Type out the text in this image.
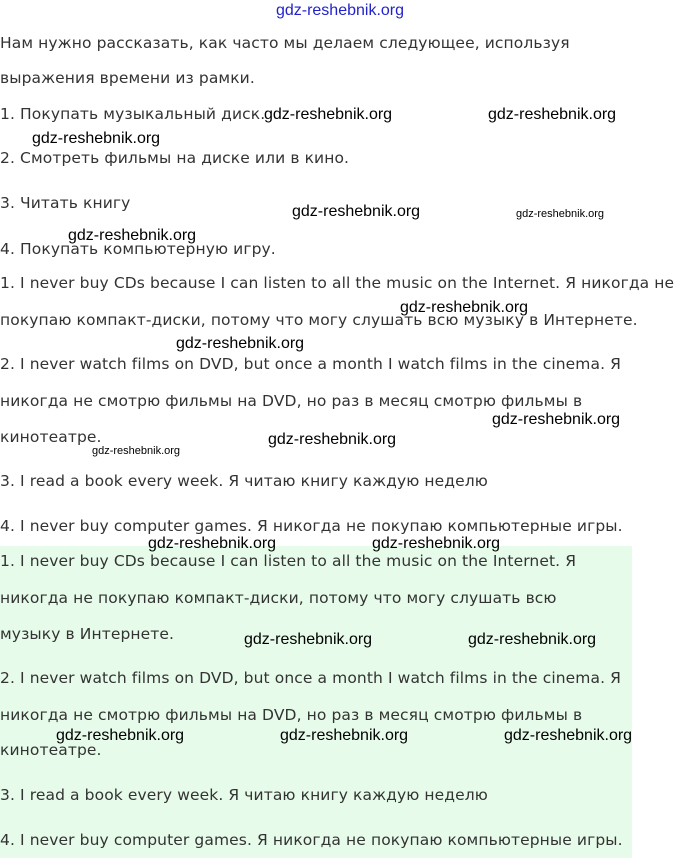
gdz-reshebnik.org
Нам нужно рассказать, как часто мы делаем следующее, используя
выражения времени из рамки.
1. Покупать музыкальный диск.
2. Смотреть фильмы на диске или в кино.
3. Читать книгу
4. Покупать компьютерную игру.
1. I never buy CDs because I can listen to all the music on the Internet. Я никогда не
покупаю компакт-диски, потому что могу слушать всю музыку в Интернете.
2. I never watch films on DVD, but once a month I watch films in the cinema. Я
никогда не смотрю фильмы на DVD, но раз в месяц смотрю фильмы в
кинотеатре.
3. I read a book every week. Я читаю книгу каждую неделю
4. I never buy computer games. Я никогда не покупаю компьютерные игры.
1. I never buy CDs because I can listen to all the music on the Internet. Я
никогда не покупаю компакт-диски, потому что могу слушать всю
музыку в Интернете.
2. I never watch films on DVD, but once a month I watch films in the cinema. Я
никогда не смотрю фильмы на DVD, но раз в месяц смотрю фильмы в
кинотеатре.
3. I read a book every week. Я читаю книгу каждую неделю
4. I never buy computer games. Я никогда не покупаю компьютерные игры.
gdz-reshebnik.org	gdz-reshebnik.org
gdz-reshebnik.org
gdz-reshebnik.org	gdz-reshebnik.org
gdz-reshebnik.org
gdz-reshebnik.org
gdz-reshebnik.org
gdz-reshebnik.org
gdz-reshebnik.org
gdz-reshebnik.org
gdz-reshebnik.org	gdz-reshebnik.org
gdz-reshebnik.org	gdz-reshebnik.org
gdz-reshebnik.org	gdz-reshebnik.org	gdz-reshebnik.org
